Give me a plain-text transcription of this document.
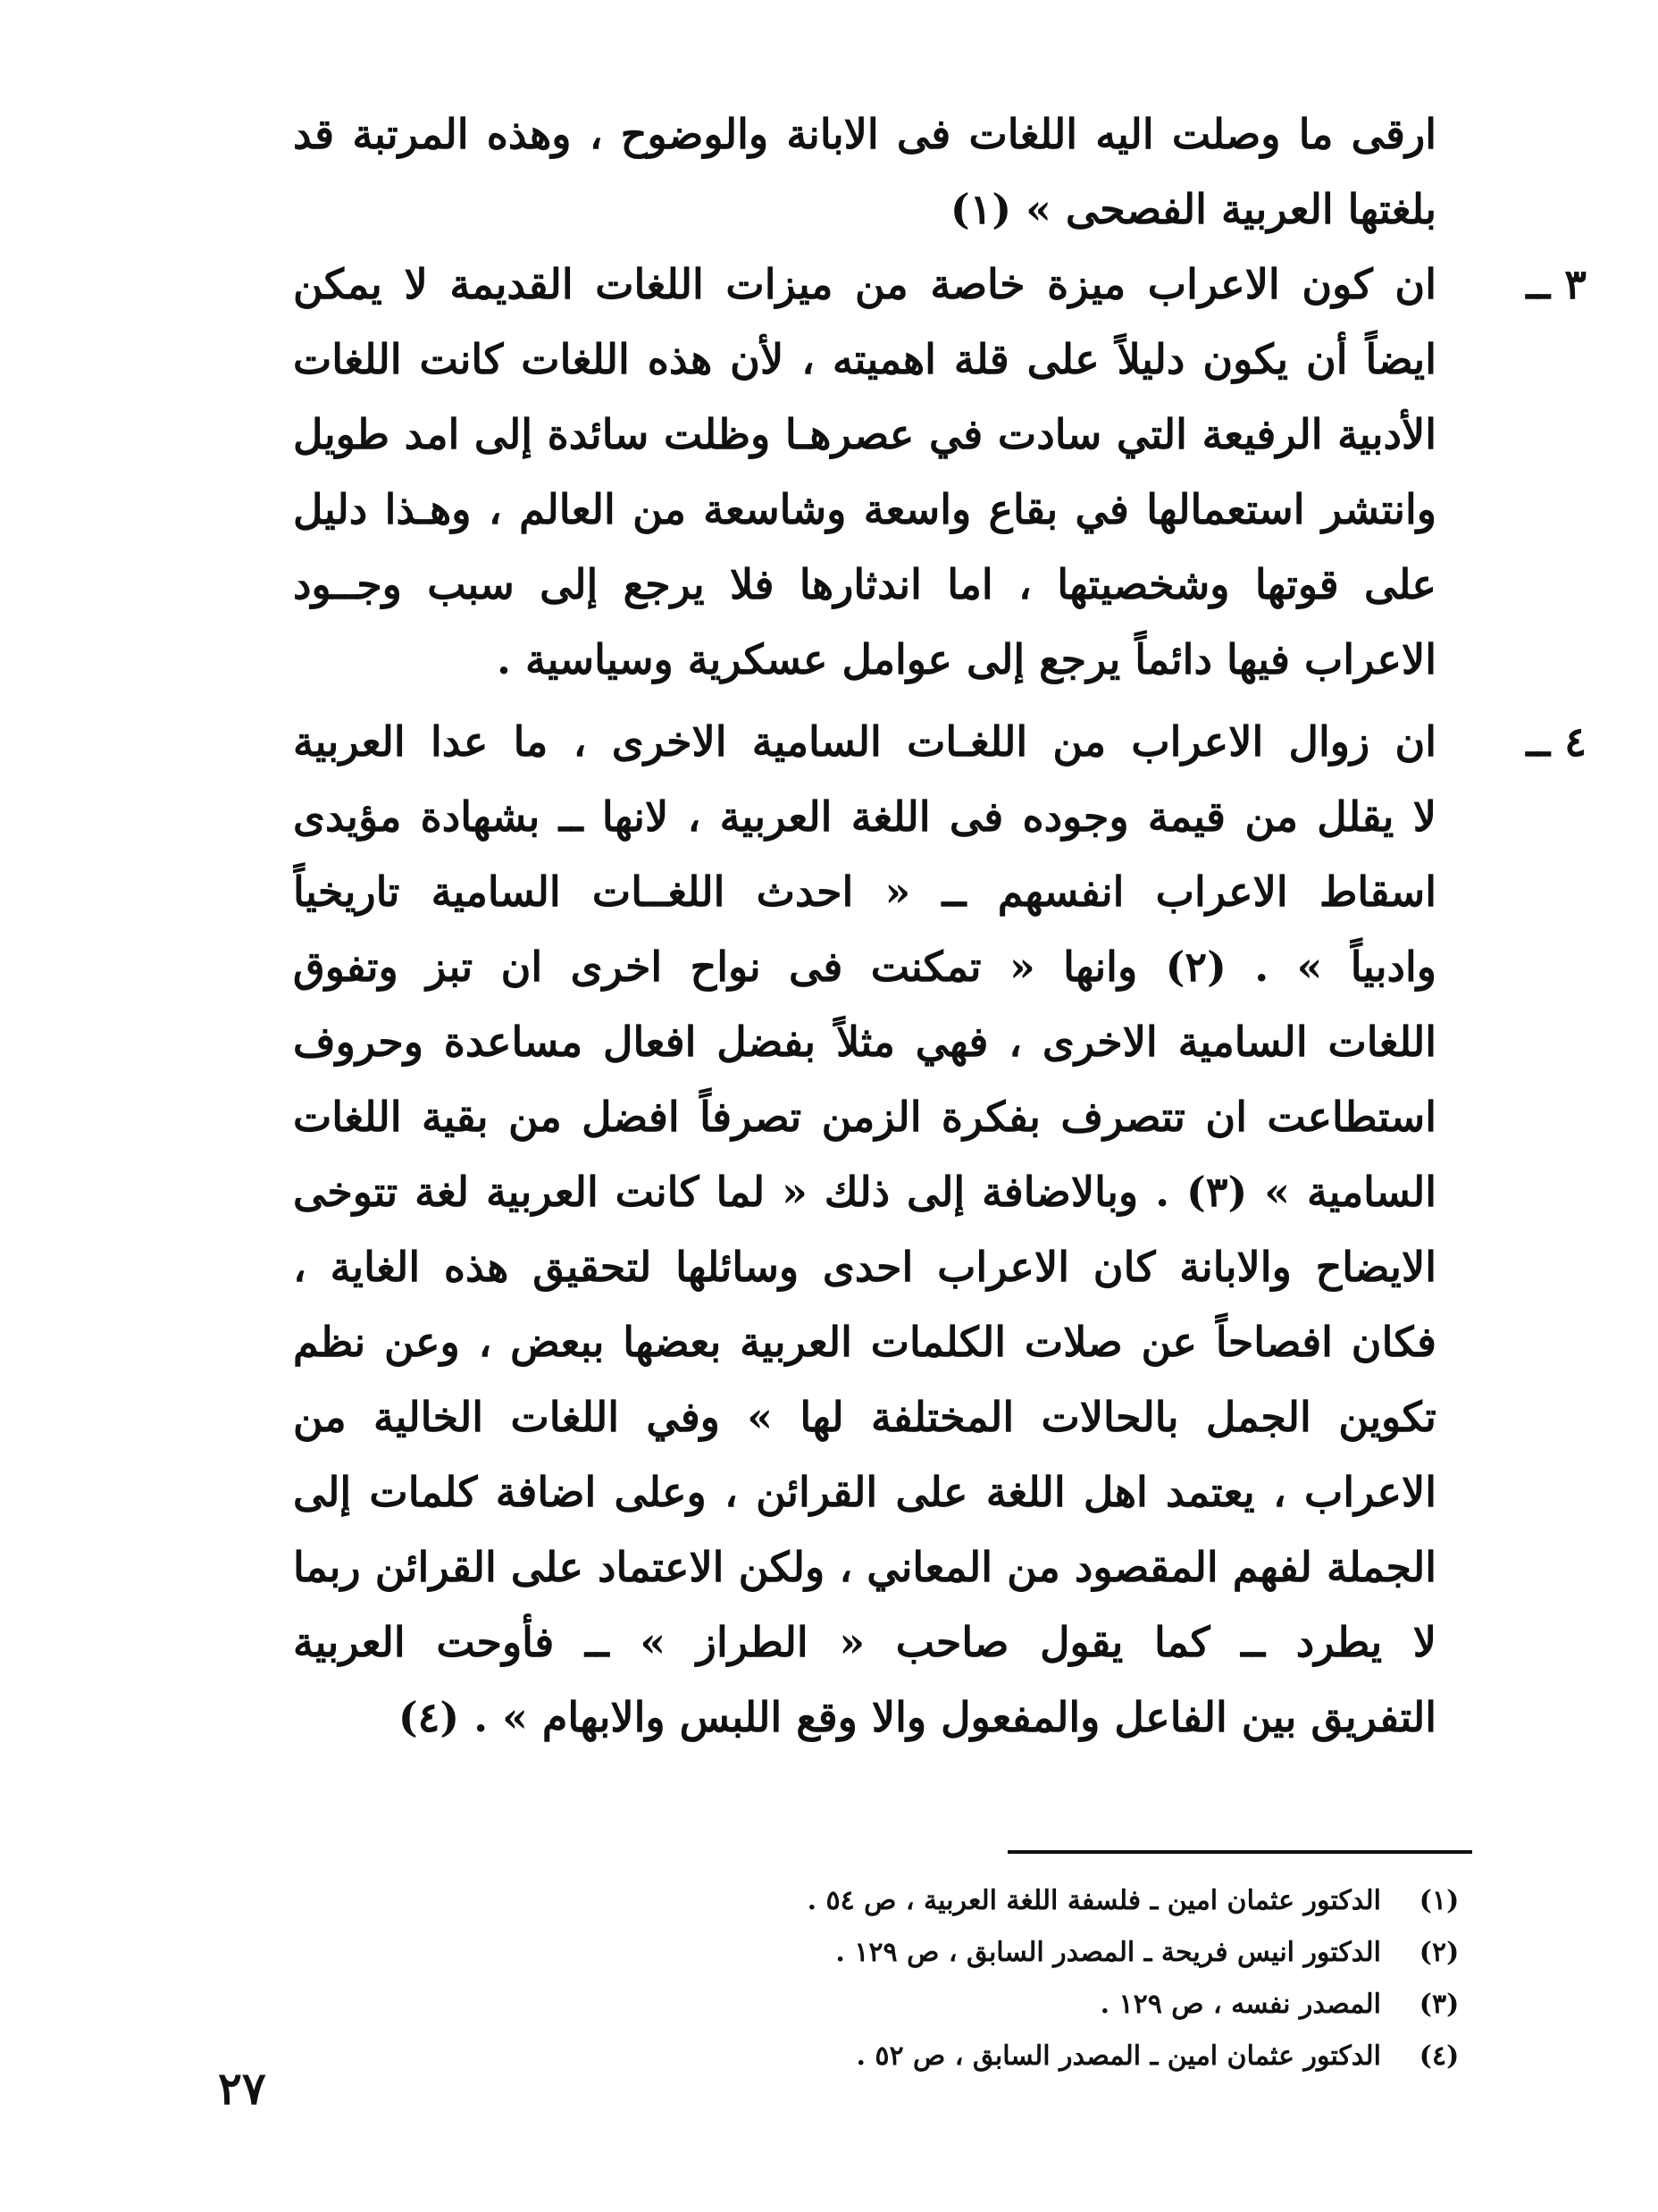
ارقى ما وصلت اليه اللغات فى الابانة والوضوح ، وهذه المرتبة قد
بلغتها العربية الفصحى » (١)
٣ ــ
ان كون الاعراب ميزة خاصة من ميزات اللغات القديمة لا يمكن
ايضاً أن يكون دليلاً على قلة اهميته ، لأن هذه اللغات كانت اللغات
الأدبية الرفيعة التي سادت في عصرهـا وظلت سائدة إلى امد طويل
وانتشر استعمالها في بقاع واسعة وشاسعة من العالم ، وهـذا دليل
على قوتها وشخصيتها ، اما اندثارها فلا يرجع إلى سبب وجــود
الاعراب فيها دائماً يرجع إلى عوامل عسكرية وسياسية .
٤ ــ
ان زوال الاعراب من اللغـات السامية الاخرى ، ما عدا العربية
لا يقلل من قيمة وجوده فى اللغة العربية ، لانها ــ بشهادة مؤيدى
اسقاط الاعراب انفسهم ــ « احدث اللغــات السامية تاريخياً
وادبياً » . (٢) وانها « تمكنت فى نواح اخرى ان تبز وتفوق
اللغات السامية الاخرى ، فهي مثلاً بفضل افعال مساعدة وحروف
استطاعت ان تتصرف بفكرة الزمن تصرفاً افضل من بقية اللغات
السامية » (٣) . وبالاضافة إلى ذلك « لما كانت العربية لغة تتوخى
الايضاح والابانة كان الاعراب احدى وسائلها لتحقيق هذه الغاية ،
فكان افصاحاً عن صلات الكلمات العربية بعضها ببعض ، وعن نظم
تكوين الجمل بالحالات المختلفة لها » وفي اللغات الخالية من
الاعراب ، يعتمد اهل اللغة على القرائن ، وعلى اضافة كلمات إلى
الجملة لفهم المقصود من المعاني ، ولكن الاعتماد على القرائن ربما
لا يطرد ــ كما يقول صاحب « الطراز » ــ فأوحت العربية
التفريق بين الفاعل والمفعول والا وقع اللبس والابهام » . (٤)
(١)
الدكتور عثمان امين ـ فلسفة اللغة العربية ، ص ٥٤ .
(٢)
الدكتور انيس فريحة ـ المصدر السابق ، ص ١٢٩ .
(٣)
المصدر نفسه ، ص ١٢٩ .
(٤)
الدكتور عثمان امين ـ المصدر السابق ، ص ٥٢ .
٢٧
